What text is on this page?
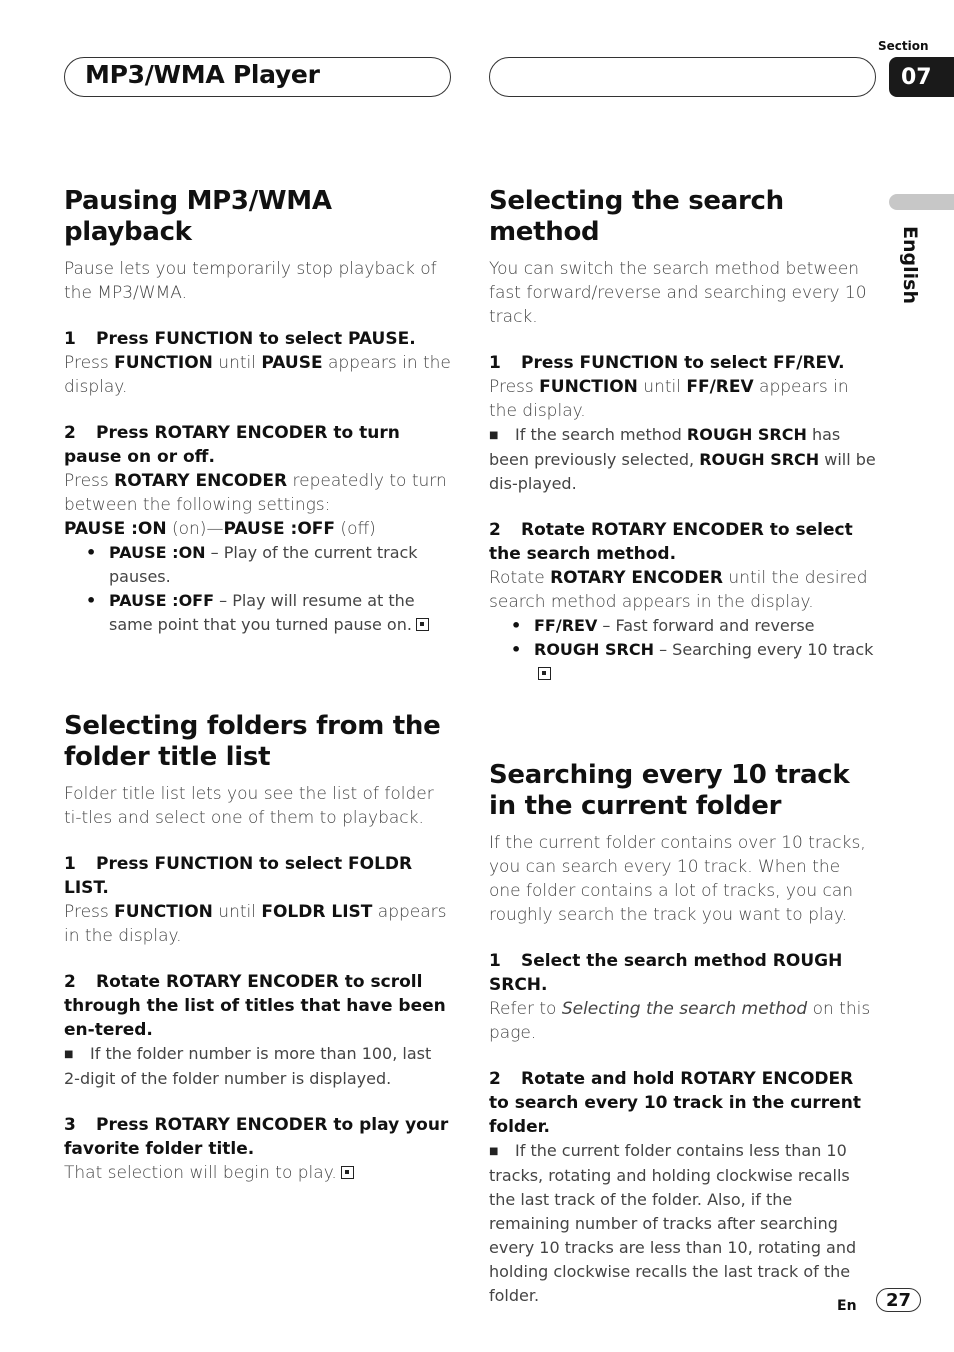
MP3/WMA Player
Section
07
English
Pausing MP3/WMA playback

Pause lets you temporarily stop playback of the MP3/WMA.

1 Press FUNCTION to select PAUSE.

Press FUNCTION until PAUSE appears in the display.

2 Press ROTARY ENCODER to turn pause on or off.

Press ROTARY ENCODER repeatedly to turn between the following settings:

PAUSE :ON (on)—PAUSE :OFF (off)

• PAUSE :ON – Play of the current track pauses.
• PAUSE :OFF – Play will resume at the same point that you turned pause on.
Selecting folders from the folder title list

Folder title list lets you see the list of folder ti-tles and select one of them to playback.

1 Press FUNCTION to select FOLDR LIST.

Press FUNCTION until FOLDR LIST appears in the display.

2 Rotate ROTARY ENCODER to scroll through the list of titles that have been en-tered.
■ If the folder number is more than 100, last 2-digit of the folder number is displayed.
3 Press ROTARY ENCODER to play your favorite folder title.

That selection will begin to play.

Selecting the search method

You can switch the search method between fast forward/reverse and searching every 10 track.

1 Press FUNCTION to select FF/REV.

Press FUNCTION until FF/REV appears in the display.

■ If the search method ROUGH SRCH has been previously selected, ROUGH SRCH will be dis-played.
2 Rotate ROTARY ENCODER to select the search method.

Rotate ROTARY ENCODER until the desired search method appears in the display.

• FF/REV – Fast forward and reverse
• ROUGH SRCH – Searching every 10 track
Searching every 10 track in the current folder

If the current folder contains over 10 tracks, you can search every 10 track. When the one folder contains a lot of tracks, you can roughly search the track you want to play.

1 Select the search method ROUGH SRCH.

Refer to Selecting the search method on this page.

2 Rotate and hold ROTARY ENCODER to search every 10 track in the current folder.
■ If the current folder contains less than 10 tracks, rotating and holding clockwise recalls the last track of the folder. Also, if the remaining number of tracks after searching every 10 tracks are less than 10, rotating and holding clockwise recalls the last track of the folder.
En	27
